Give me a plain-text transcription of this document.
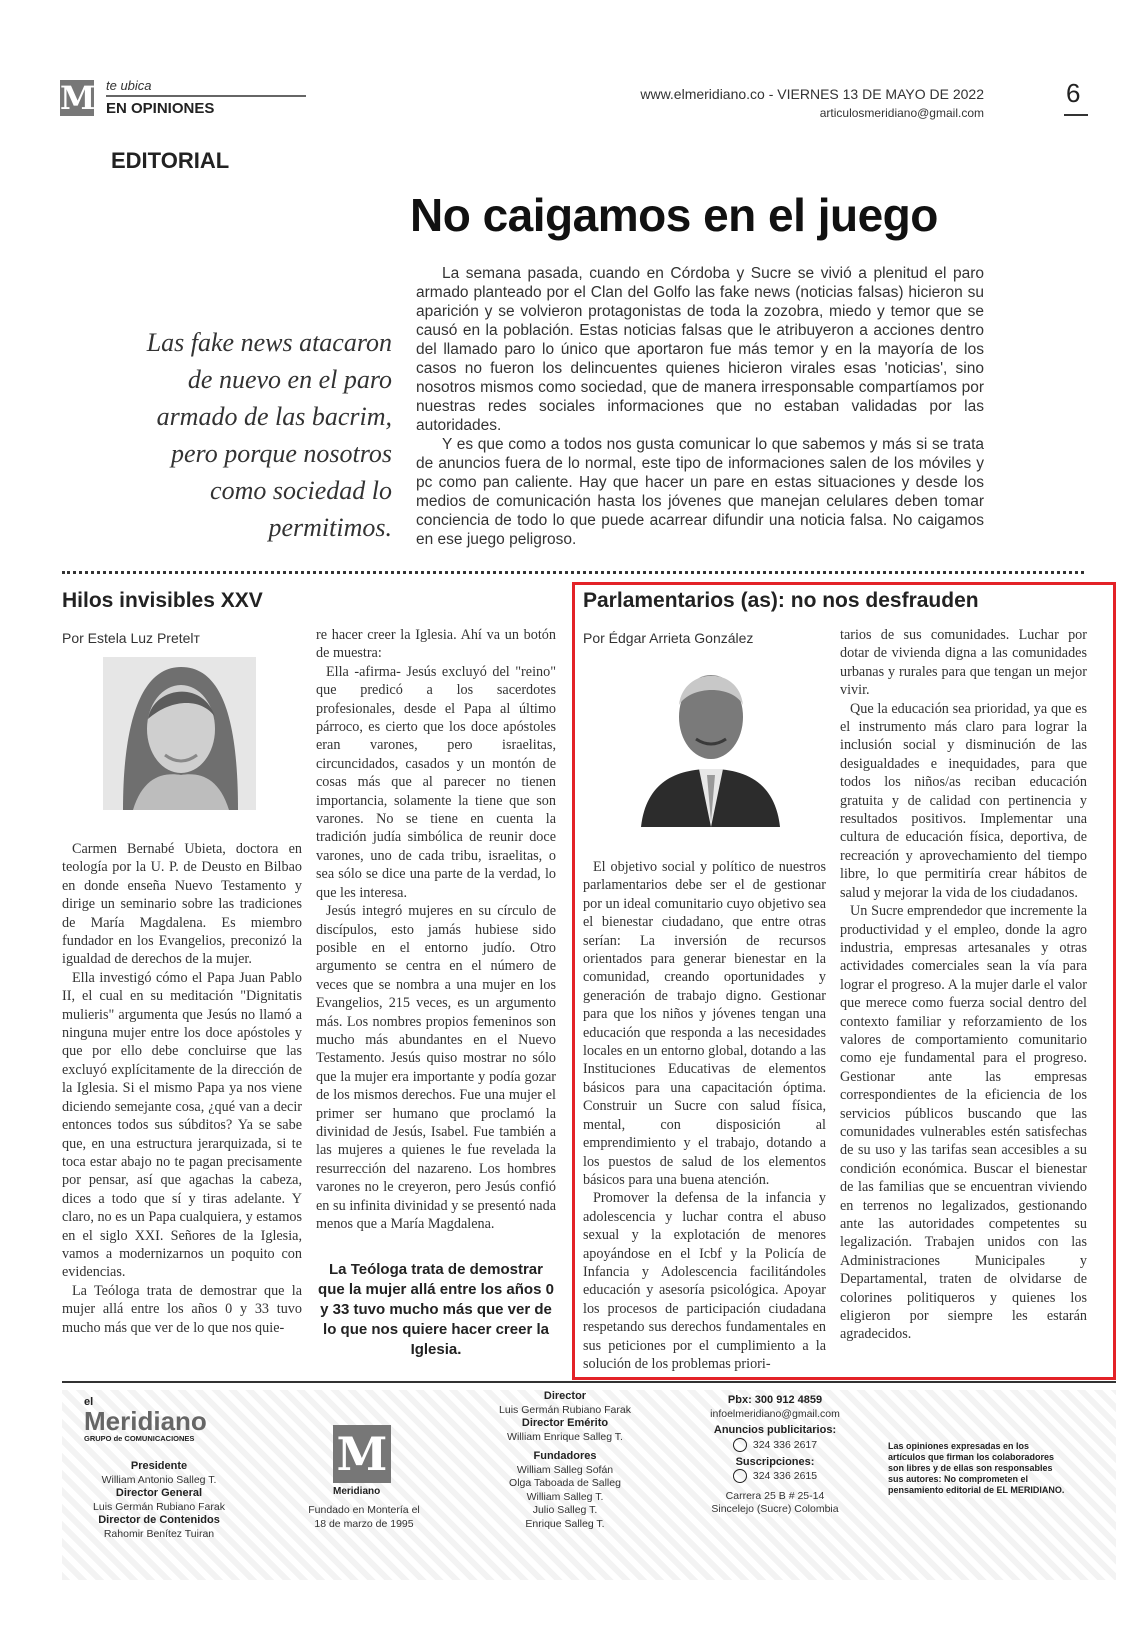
M te ubica
EN OPINIONES
www.elmeridiano.co - VIERNES 13 DE MAYO DE 2022
articulosmeridiano@gmail.com
6
EDITORIAL
No caigamos en el juego
Las fake news atacaron de nuevo en el paro armado de las bacrim, pero porque nosotros como sociedad lo permitimos.

La semana pasada, cuando en Córdoba y Sucre se vivió a plenitud el paro armado planteado por el Clan del Golfo las fake news (noticias falsas) hicieron su aparición y se volvieron protagonistas de toda la zozobra, miedo y temor que se causó en la población. Estas noticias falsas que le atribuyeron a acciones dentro del llamado paro lo único que aportaron fue más temor y en la mayoría de los casos no fueron los delincuentes quienes hicieron virales esas 'noticias', sino nosotros mismos como sociedad, que de manera irresponsable compartíamos por nuestras redes sociales informaciones que no estaban validadas por las autoridades.

Y es que como a todos nos gusta comunicar lo que sabemos y más si se trata de anuncios fuera de lo normal, este tipo de informaciones salen de los móviles y pc como pan caliente. Hay que hacer un pare en estas situaciones y desde los medios de comunicación hasta los jóvenes que manejan celulares deben tomar conciencia de todo lo que puede acarrear difundir una noticia falsa. No caigamos en ese juego peligroso.

Hilos invisibles XXV
Por Estela Luz Pretelт

Carmen Bernabé Ubieta, doctora en teología por la U. P. de Deusto en Bilbao en donde enseña Nuevo Testamento y dirige un seminario sobre las tradiciones de María Magdalena. Es miembro fundador en los Evangelios, preconizó la igualdad de derechos de la mujer.

Ella investigó cómo el Papa Juan Pablo II, el cual en su meditación "Dignitatis mulieris" argumenta que Jesús no llamó a ninguna mujer entre los doce apóstoles y que por ello debe concluirse que las excluyó explícitamente de la dirección de la Iglesia. Si el mismo Papa ya nos viene diciendo semejante cosa, ¿qué van a decir entonces todos sus súbditos? Ya se sabe que, en una estructura jerarquizada, si te toca estar abajo no te pagan precisamente por pensar, así que agachas la cabeza, dices a todo que sí y tiras adelante. Y claro, no es un Papa cualquiera, y estamos en el siglo XXI. Señores de la Iglesia, vamos a modernizarnos un poquito con evidencias.

La Teóloga trata de demostrar que la mujer allá entre los años 0 y 33 tuvo mucho más que ver de lo que nos quie-

re hacer creer la Iglesia. Ahí va un botón de muestra:

Ella -afirma- Jesús excluyó del "reino" que predicó a los sacerdotes profesionales, desde el Papa al último párroco, es cierto que los doce apóstoles eran varones, pero israelitas, circuncidados, casados y un montón de cosas más que al parecer no tienen importancia, solamente la tiene que son varones. No se tiene en cuenta la tradición judía simbólica de reunir doce varones, uno de cada tribu, israelitas, o sea sólo se dice una parte de la verdad, lo que les interesa.

Jesús integró mujeres en su círculo de discípulos, esto jamás hubiese sido posible en el entorno judío. Otro argumento se centra en el número de veces que se nombra a una mujer en los Evangelios, 215 veces, es un argumento más. Los nombres propios femeninos son mucho más abundantes en el Nuevo Testamento. Jesús quiso mostrar no sólo que la mujer era importante y podía gozar de los mismos derechos. Fue una mujer el primer ser humano que proclamó la divinidad de Jesús, Isabel. Fue también a las mujeres a quienes le fue revelada la resurrección del nazareno. Los hombres varones no le creyeron, pero Jesús confió en su infinita divinidad y se presentó nada menos que a María Magdalena.

La Teóloga trata de demostrar que la mujer allá entre los años 0 y 33 tuvo mucho más que ver de lo que nos quiere hacer creer la Iglesia.
Parlamentarios (as): no nos desfrauden
Por Édgar Arrieta González

El objetivo social y político de nuestros parlamentarios debe ser el de gestionar por un ideal comunitario cuyo objetivo sea el bienestar ciudadano, que entre otras serían: La inversión de recursos orientados para generar bienestar en la comunidad, creando oportunidades y generación de trabajo digno. Gestionar para que los niños y jóvenes tengan una educación que responda a las necesidades locales en un entorno global, dotando a las Instituciones Educativas de elementos básicos para una capacitación óptima. Construir un Sucre con salud física, mental, con disposición al emprendimiento y el trabajo, dotando a los puestos de salud de los elementos básicos para una buena atención.

Promover la defensa de la infancia y adolescencia y luchar contra el abuso sexual y la explotación de menores apoyándose en el Icbf y la Policía de Infancia y Adolescencia facilitándoles educación y asesoría psicológica. Apoyar los procesos de participación ciudadana respetando sus derechos fundamentales en sus peticiones por el cumplimiento a la solución de los problemas priori-

tarios de sus comunidades. Luchar por dotar de vivienda digna a las comunidades urbanas y rurales para que tengan un mejor vivir.

Que la educación sea prioridad, ya que es el instrumento más claro para lograr la inclusión social y disminución de las desigualdades e inequidades, para que todos los niños/as reciban educación gratuita y de calidad con pertinencia y resultados positivos. Implementar una cultura de educación física, deportiva, de recreación y aprovechamiento del tiempo libre, lo que permitiría crear hábitos de salud y mejorar la vida de los ciudadanos.

Un Sucre emprendedor que incremente la productividad y el empleo, donde la agro industria, empresas artesanales y otras actividades comerciales sean la vía para lograr el progreso. A la mujer darle el valor que merece como fuerza social dentro del contexto familiar y reforzamiento de los valores de comportamiento comunitario como eje fundamental para el progreso. Gestionar ante las empresas correspondientes de la eficiencia de los servicios públicos buscando que las comunidades vulnerables estén satisfechas de su uso y las tarifas sean accesibles a su condición económica. Buscar el bienestar de las familias que se encuentran viviendo en terrenos no legalizados, gestionando ante las autoridades competentes su legalización. Trabajen unidos con las Administraciones Municipales y Departamental, traten de olvidarse de colorines politiqueros y quienes los eligieron por siempre les estarán agradecidos.

el
Meridiano
GRUPO de COMUNICACIONES
Presidente
William Antonio Salleg T.
Director General
Luis Germán Rubiano Farak
Director de Contenidos
Rahomir Benítez Tuiran
M
Meridiano
Fundado en Montería el 18 de marzo de 1995
Director
Luis Germán Rubiano Farak
Director Emérito
William Enrique Salleg T.
Fundadores
William Salleg Sofán
Olga Taboada de Salleg
William Salleg T.
Julio Salleg T.
Enrique Salleg T.
Pbx: 300 912 4859
infoelmeridiano@gmail.com
Anuncios publicitarios:
324 336 2617
Suscripciones:
324 336 2615
Carrera 25 B # 25-14
Sincelejo (Sucre) Colombia
Las opiniones expresadas en los artículos que firman los colaboradores son libres y de ellas son responsables sus autores: No comprometen el pensamiento editorial de EL MERIDIANO.
